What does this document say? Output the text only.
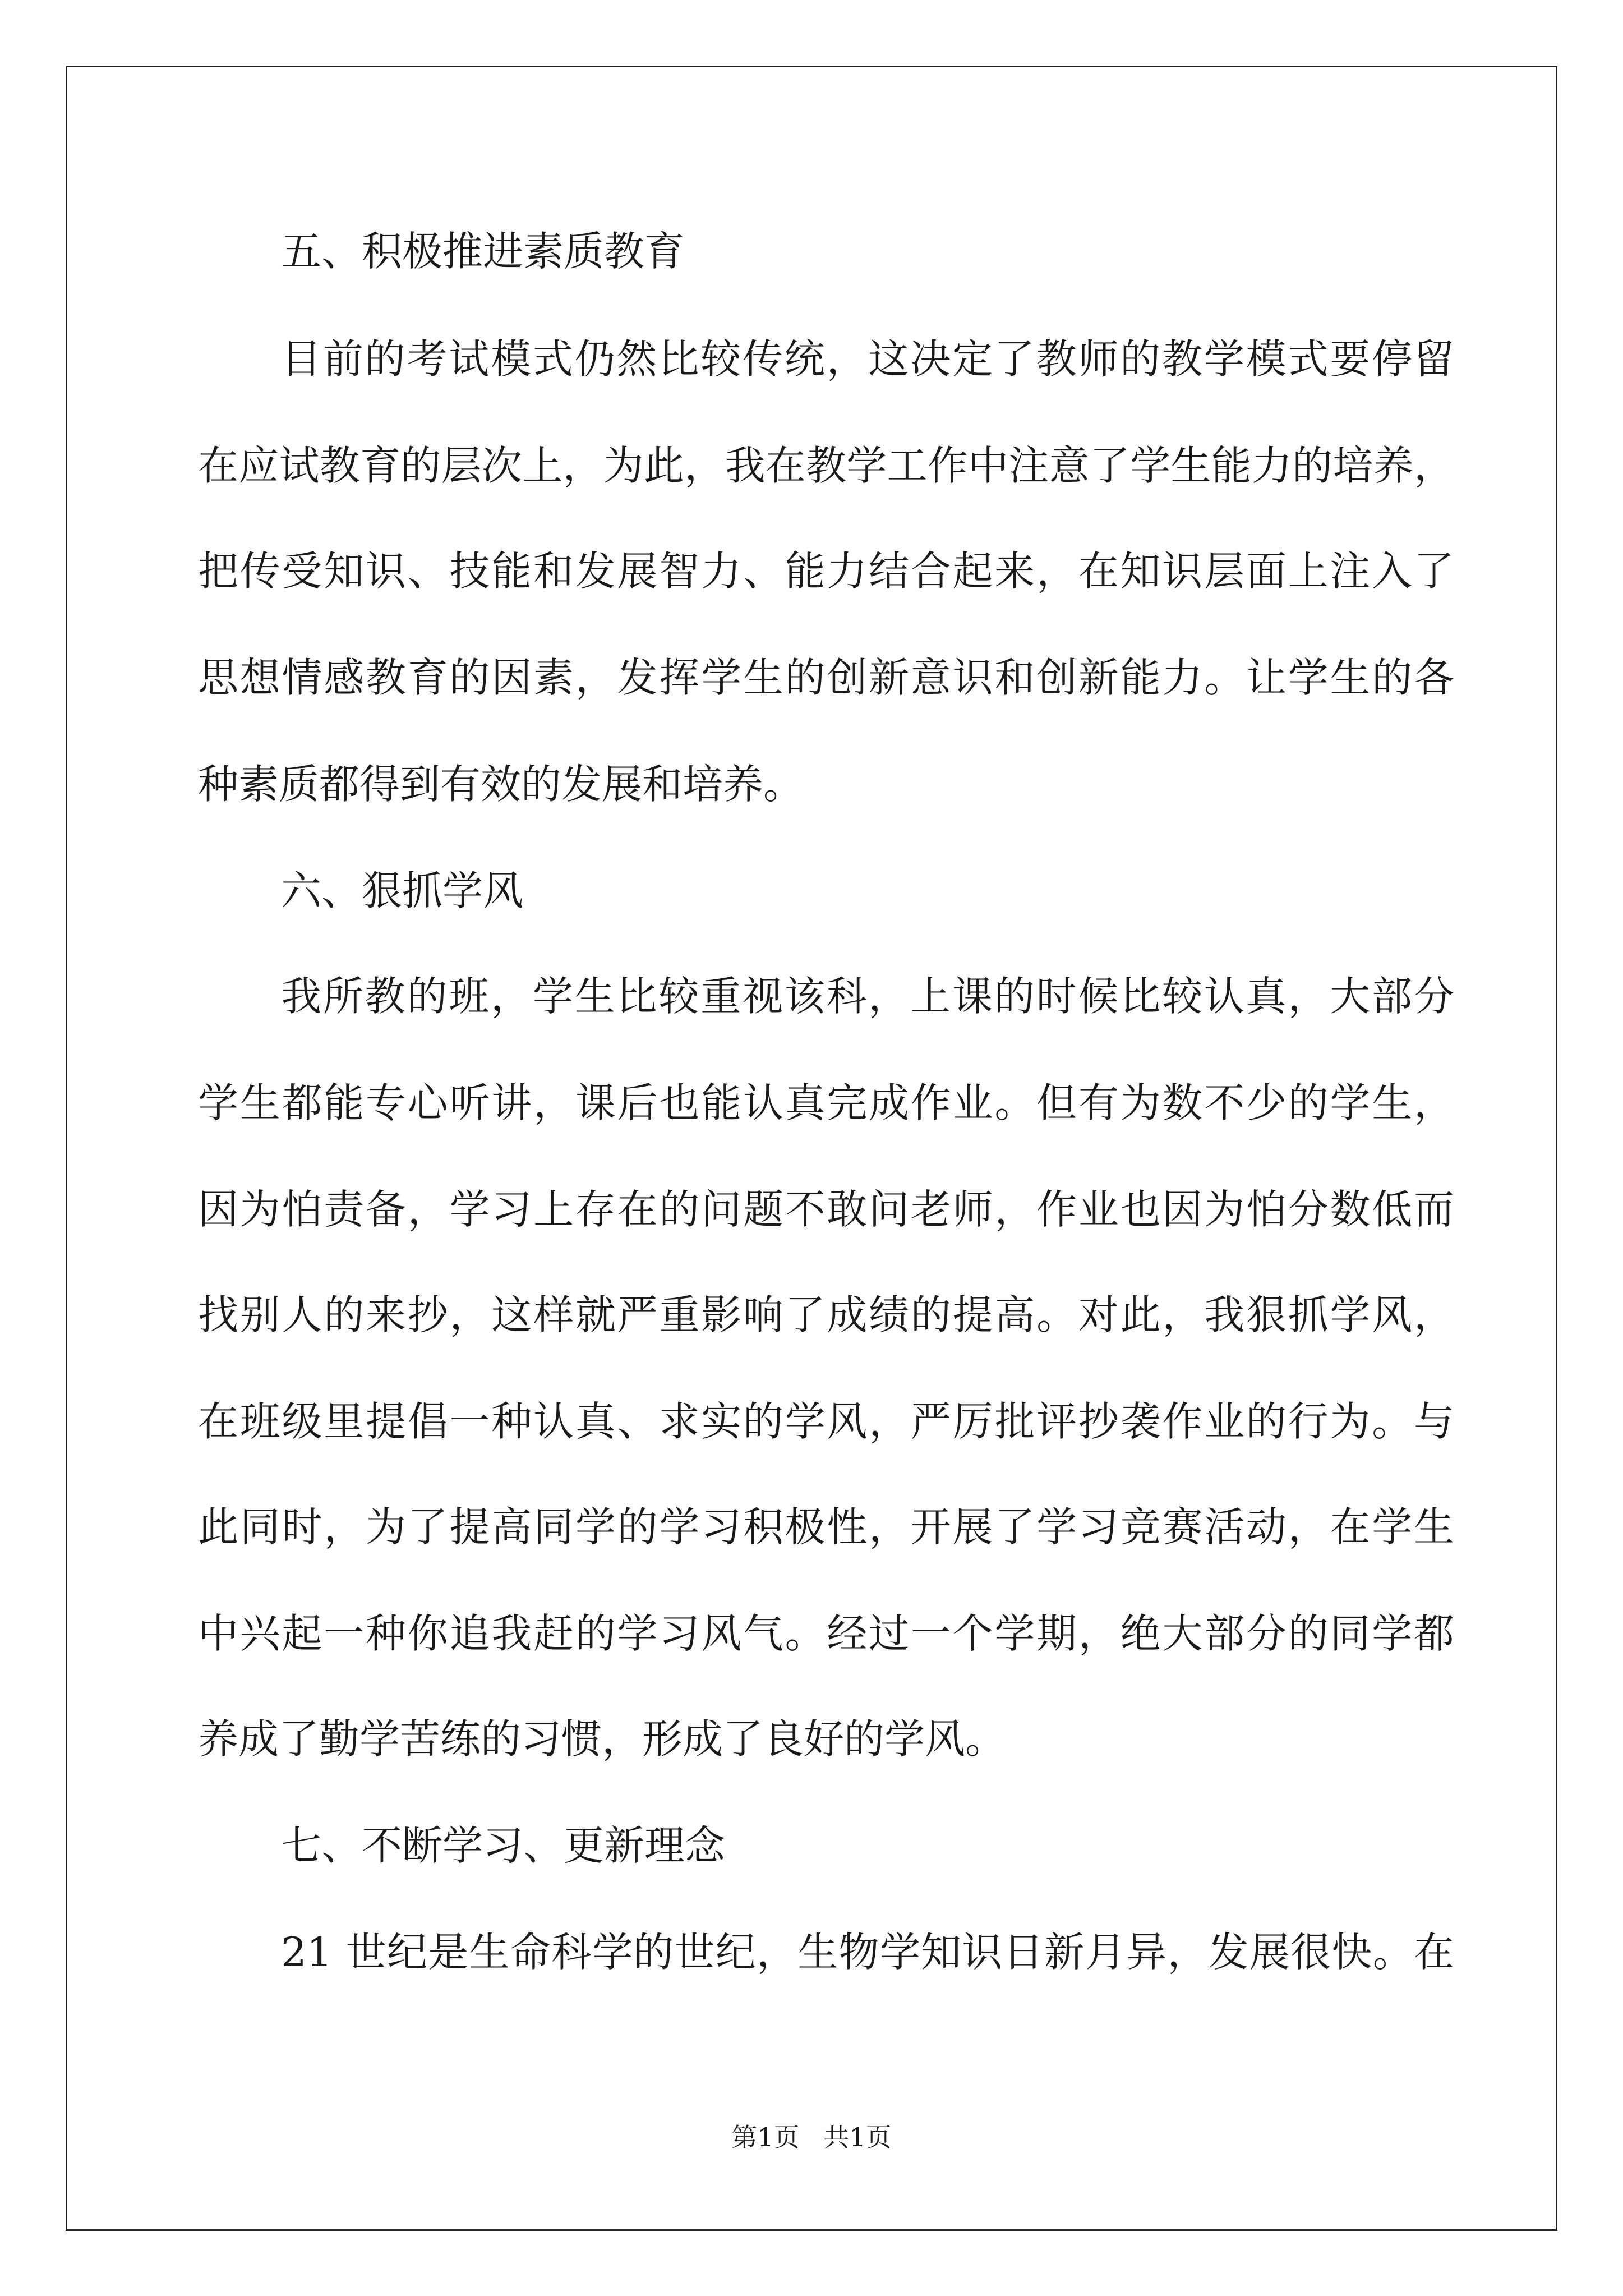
五、积极推进素质教育
目前的考试模式仍然比较传统，这决定了教师的教学模式要停留
在应试教育的层次上，为此，我在教学工作中注意了学生能力的培养，
把传受知识、技能和发展智力、能力结合起来，在知识层面上注入了
思想情感教育的因素，发挥学生的创新意识和创新能力。让学生的各
种素质都得到有效的发展和培养。
六、狠抓学风
我所教的班，学生比较重视该科，上课的时候比较认真，大部分
学生都能专心听讲，课后也能认真完成作业。但有为数不少的学生，
因为怕责备，学习上存在的问题不敢问老师，作业也因为怕分数低而
找别人的来抄，这样就严重影响了成绩的提高。对此，我狠抓学风，
在班级里提倡一种认真、求实的学风，严厉批评抄袭作业的行为。与
此同时，为了提高同学的学习积极性，开展了学习竞赛活动，在学生
中兴起一种你追我赶的学习风气。经过一个学期，绝大部分的同学都
养成了勤学苦练的习惯，形成了良好的学风。
七、不断学习、更新理念
21 世纪是生命科学的世纪，生物学知识日新月异，发展很快。在
第1页 共1页
